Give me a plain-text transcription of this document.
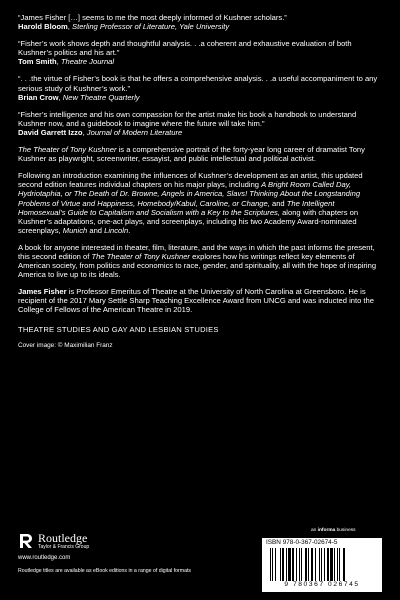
“James Fisher […] seems to me the most deeply informed of Kushner scholars.”
Harold Bloom, Sterling Professor of Literature, Yale University
“Fisher’s work shows depth and thoughtful analysis. . .a coherent and exhaustive evaluation of both Kushner’s politics and his art.”
Tom Smith, Theatre Journal
“. . .the virtue of Fisher’s book is that he offers a comprehensive analysis. . .a useful accompaniment to any serious study of Kushner’s work.”
Brian Crow, New Theatre Quarterly
“Fisher’s intelligence and his own compassion for the artist make his book a handbook to understand Kushner now, and a guidebook to imagine where the future will take him.”
David Garrett Izzo, Journal of Modern Literature

The Theater of Tony Kushner is a comprehensive portrait of the forty-year long career of dramatist Tony Kushner as playwright, screenwriter, essayist, and public intellectual and political activist.

Following an introduction examining the influences of Kushner’s development as an artist, this updated second edition features individual chapters on his major plays, including A Bright Room Called Day, Hydriotaphia, or The Death of Dr. Browne, Angels in America, Slavs! Thinking About the Longstanding Problems of Virtue and Happiness, Homebody/Kabul, Caroline, or Change, and The Intelligent Homosexual’s Guide to Capitalism and Socialism with a Key to the Scriptures, along with chapters on Kushner’s adaptations, one-act plays, and screenplays, including his two Academy Award-nominated screenplays, Munich and Lincoln.

A book for anyone interested in theater, film, literature, and the ways in which the past informs the present, this second edition of The Theater of Tony Kushner explores how his writings reflect key elements of American society, from politics and economics to race, gender, and spirituality, all with the hope of inspiring America to live up to its ideals.

James Fisher is Professor Emeritus of Theatre at the University of North Carolina at Greensboro. He is recipient of the 2017 Mary Settle Sharp Teaching Excellence Award from UNCG and was inducted into the College of Fellows of the American Theatre in 2019.

THEATRE STUDIES AND GAY AND LESBIAN STUDIES
Cover image: © Maximilian Franz
Routledge
Taylor & Francis Group
www.routledge.com
Routledge titles are available as eBook editions in a range of digital formats
an informa business
ISBN 978-0-367-02674-5
9 780367 026745
